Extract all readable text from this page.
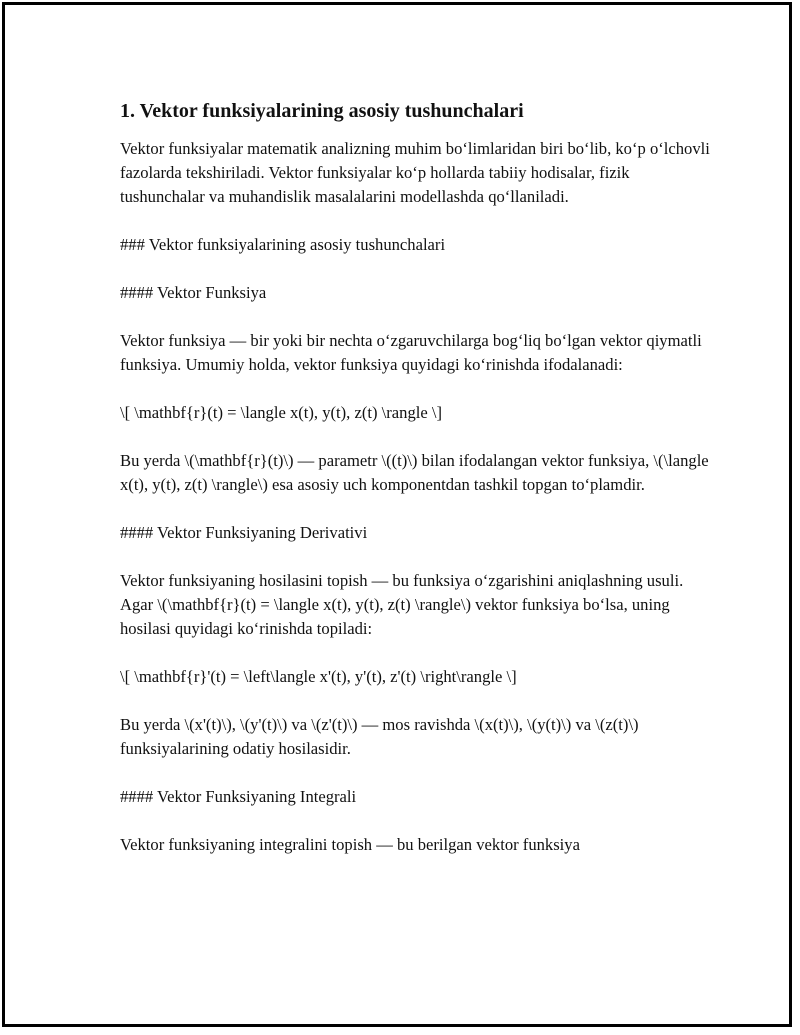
1. Vektor funksiyalarining asosiy tushunchalari

Vektor funksiyalar matematik analizning muhim boʻlimlaridan biri boʻlib, koʻp oʻlchovli fazolarda tekshiriladi. Vektor funksiyalar koʻp hollarda tabiiy hodisalar, fizik tushunchalar va muhandislik masalalarini modellashda qoʻllaniladi.

### Vektor funksiyalarining asosiy tushunchalari

#### Vektor Funksiya

Vektor funksiya — bir yoki bir nechta oʻzgaruvchilarga bogʻliq boʻlgan vektor qiymatli funksiya. Umumiy holda, vektor funksiya quyidagi koʻrinishda ifodalanadi:

\[ \mathbf{r}(t) = \langle x(t), y(t), z(t) \rangle \]

Bu yerda \(\mathbf{r}(t)\) — parametr \((t)\) bilan ifodalangan vektor funksiya, \(\langle x(t), y(t), z(t) \rangle\) esa asosiy uch komponentdan tashkil topgan toʻplamdir.

#### Vektor Funksiyaning Derivativi

Vektor funksiyaning hosilasini topish — bu funksiya oʻzgarishini aniqlashning usuli. Agar \(\mathbf{r}(t) = \langle x(t), y(t), z(t) \rangle\) vektor funksiya boʻlsa, uning hosilasi quyidagi koʻrinishda topiladi:

\[ \mathbf{r}'(t) = \left\langle x'(t), y'(t), z'(t) \right\rangle \]

Bu yerda \(x'(t)\), \(y'(t)\) va \(z'(t)\) — mos ravishda \(x(t)\), \(y(t)\) va \(z(t)\) funksiyalarining odatiy hosilasidir.

#### Vektor Funksiyaning Integrali

Vektor funksiyaning integralini topish — bu berilgan vektor funksiya
